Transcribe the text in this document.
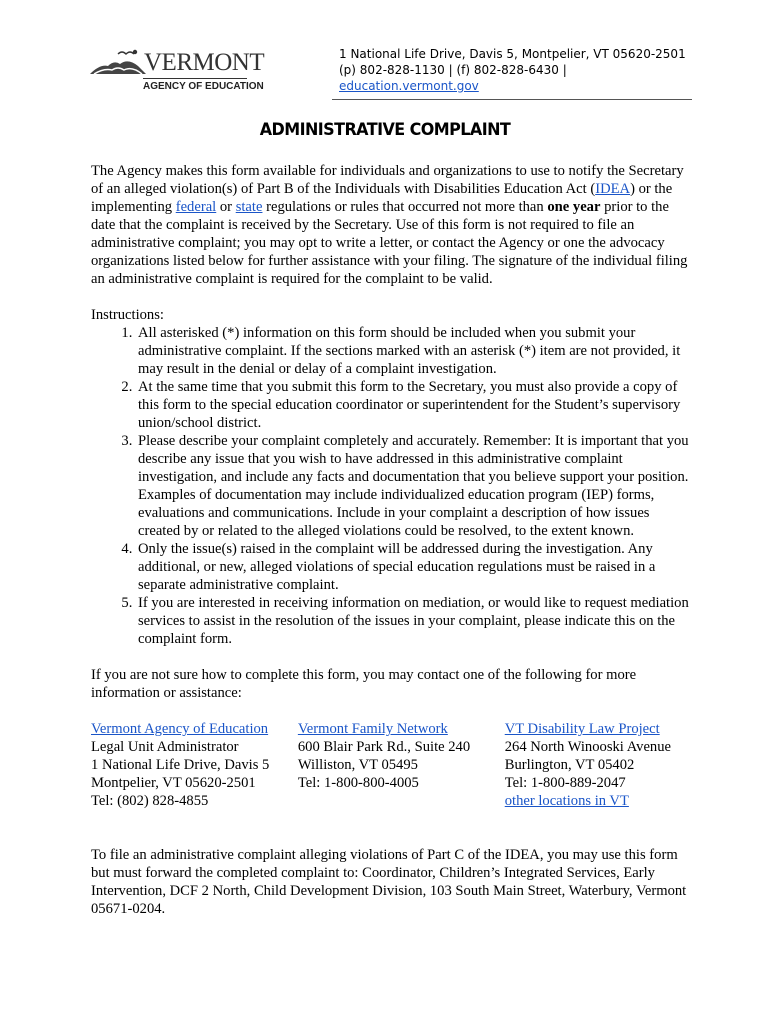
VERMONT
AGENCY OF EDUCATION
1 National Life Drive, Davis 5, Montpelier, VT 05620-2501
(p) 802-828-1130 | (f) 802-828-6430 |
education.vermont.gov
ADMINISTRATIVE COMPLAINT

The Agency makes this form available for individuals and organizations to use to notify the Secretary of an alleged violation(s) of Part B of the Individuals with Disabilities Education Act (IDEA) or the implementing federal or state regulations or rules that occurred not more than one year prior to the date that the complaint is received by the Secretary. Use of this form is not required to file an administrative complaint; you may opt to write a letter, or contact the Agency or one the advocacy organizations listed below for further assistance with your filing. The signature of the individual filing an administrative complaint is required for the complaint to be valid.

Instructions:

1. All asterisked (*) information on this form should be included when you submit your administrative complaint. If the sections marked with an asterisk (*) item are not provided, it may result in the denial or delay of a complaint investigation.
2. At the same time that you submit this form to the Secretary, you must also provide a copy of this form to the special education coordinator or superintendent for the Student’s supervisory union/school district.
3. Please describe your complaint completely and accurately. Remember: It is important that you describe any issue that you wish to have addressed in this administrative complaint investigation, and include any facts and documentation that you believe support your position. Examples of documentation may include individualized education program (IEP) forms, evaluations and communications. Include in your complaint a description of how issues created by or related to the alleged violations could be resolved, to the extent known.
4. Only the issue(s) raised in the complaint will be addressed during the investigation. Any additional, or new, alleged violations of special education regulations must be raised in a separate administrative complaint.
5. If you are interested in receiving information on mediation, or would like to request mediation services to assist in the resolution of the issues in your complaint, please indicate this on the complaint form.

If you are not sure how to complete this form, you may contact one of the following for more information or assistance:

Vermont Agency of Education
Legal Unit Administrator
1 National Life Drive, Davis 5
Montpelier, VT 05620-2501
Tel: (802) 828-4855
Vermont Family Network
600 Blair Park Rd., Suite 240
Williston, VT 05495
Tel: 1-800-800-4005
VT Disability Law Project
264 North Winooski Avenue
Burlington, VT 05402
Tel: 1-800-889-2047
other locations in VT

To file an administrative complaint alleging violations of Part C of the IDEA, you may use this form but must forward the completed complaint to: Coordinator, Children’s Integrated Services, Early Intervention, DCF 2 North, Child Development Division, 103 South Main Street, Waterbury, Vermont 05671-0204.
